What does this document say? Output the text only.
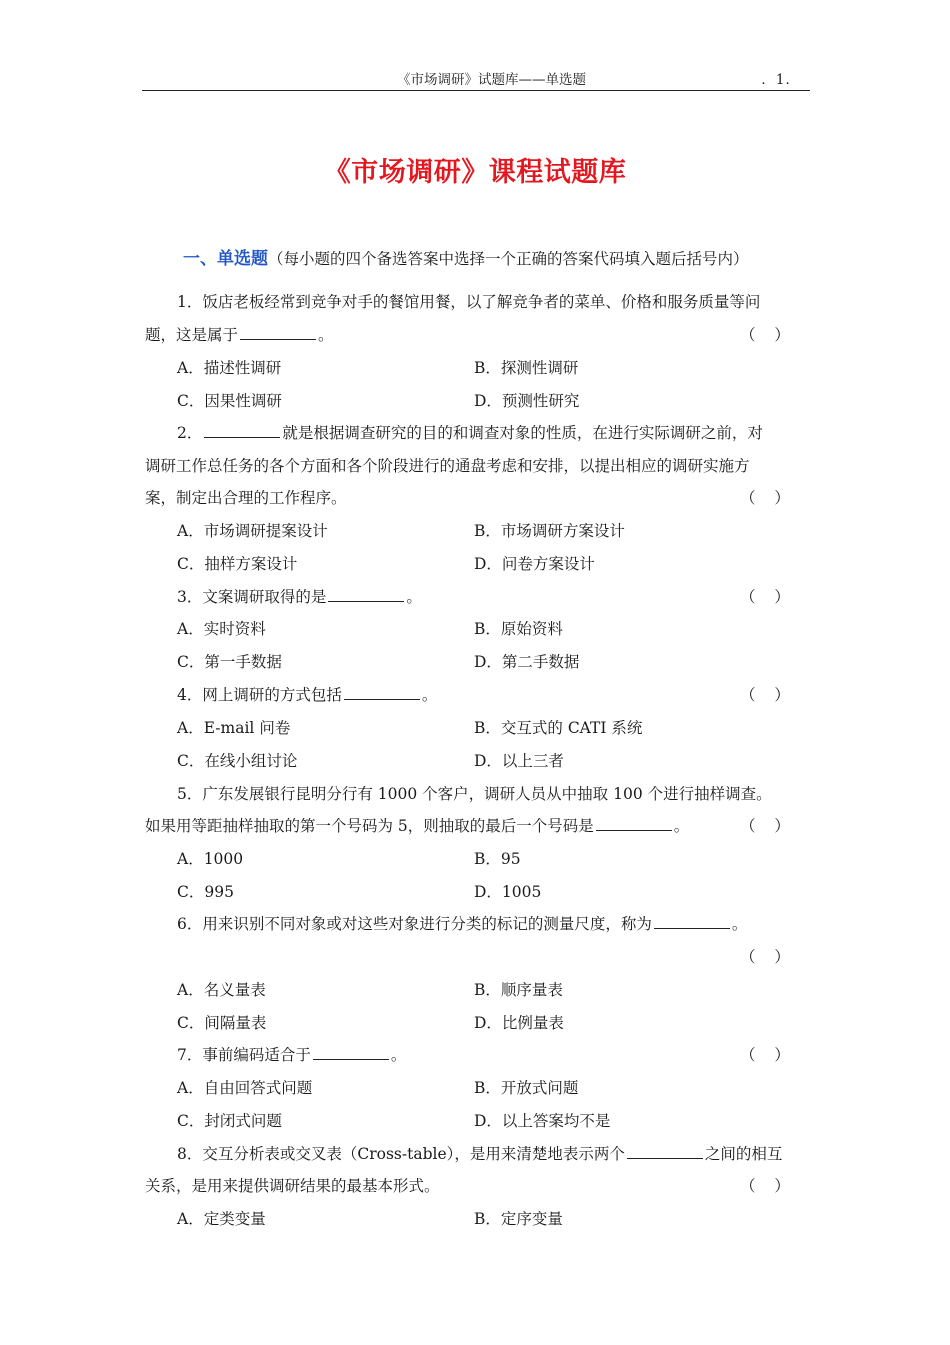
《市场调研》试题库——单选题	．1．
《市场调研》课程试题库
一、单选题（每小题的四个备选答案中选择一个正确的答案代码填入题后括号内）
1．饭店老板经常到竞争对手的餐馆用餐，以了解竞争者的菜单、价格和服务质量等问
题，这是属于	。	（ ）
A．描述性调研	B．探测性调研
C．因果性调研	D．预测性研究
2．	就是根据调查研究的目的和调查对象的性质，在进行实际调研之前，对
调研工作总任务的各个方面和各个阶段进行的通盘考虑和安排，以提出相应的调研实施方
案，制定出合理的工作程序。	（ ）
A．市场调研提案设计	B．市场调研方案设计
C．抽样方案设计	D．问卷方案设计
3．文案调研取得的是	。	（ ）
A．实时资料	B．原始资料
C．第一手数据	D．第二手数据
4．网上调研的方式包括	。	（ ）
A．E-mail 问卷	B．交互式的 CATI 系统
C．在线小组讨论	D．以上三者
5．广东发展银行昆明分行有 1000 个客户，调研人员从中抽取 100 个进行抽样调查。
如果用等距抽样抽取的第一个号码为 5，则抽取的最后一个号码是	。	（ ）
A．1000	B．95
C．995	D．1005
6．用来识别不同对象或对这些对象进行分类的标记的测量尺度，称为	。
（ ）
A．名义量表	B．顺序量表
C．间隔量表	D．比例量表
7．事前编码适合于	。	（ ）
A．自由回答式问题	B．开放式问题
C．封闭式问题	D．以上答案均不是
8．交互分析表或交叉表（Cross-table），是用来清楚地表示两个	之间的相互
关系，是用来提供调研结果的最基本形式。	（ ）
A．定类变量	B．定序变量
